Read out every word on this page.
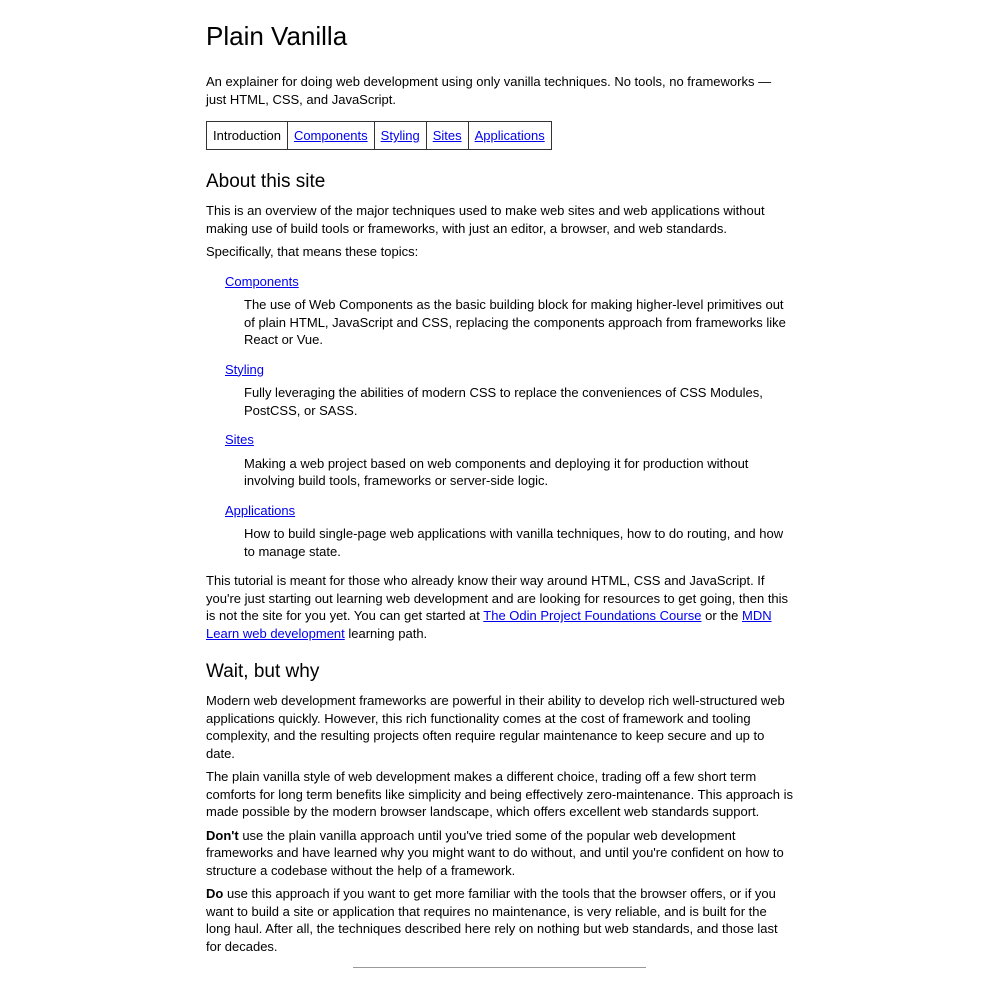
Plain Vanilla

An explainer for doing web development using only vanilla techniques. No tools, no frameworks — just HTML, CSS, and JavaScript.

Introduction	Components	Styling	Sites	Applications
About this site

This is an overview of the major techniques used to make web sites and web applications without making use of build tools or frameworks, with just an editor, a browser, and web standards.

Specifically, that means these topics:

Components
The use of Web Components as the basic building block for making higher-level primitives out of plain HTML, JavaScript and CSS, replacing the components approach from frameworks like React or Vue.
Styling
Fully leveraging the abilities of modern CSS to replace the conveniences of CSS Modules, PostCSS, or SASS.
Sites
Making a web project based on web components and deploying it for production without involving build tools, frameworks or server-side logic.
Applications
How to build single-page web applications with vanilla techniques, how to do routing, and how to manage state.

This tutorial is meant for those who already know their way around HTML, CSS and JavaScript. If you're just starting out learning web development and are looking for resources to get going, then this is not the site for you yet. You can get started at The Odin Project Foundations Course or the MDN Learn web development learning path.

Wait, but why

Modern web development frameworks are powerful in their ability to develop rich well-structured web applications quickly. However, this rich functionality comes at the cost of framework and tooling complexity, and the resulting projects often require regular maintenance to keep secure and up to date.

The plain vanilla style of web development makes a different choice, trading off a few short term comforts for long term benefits like simplicity and being effectively zero-maintenance. This approach is made possible by the modern browser landscape, which offers excellent web standards support.

Don't use the plain vanilla approach until you've tried some of the popular web development frameworks and have learned why you might want to do without, and until you're confident on how to structure a codebase without the help of a framework.

Do use this approach if you want to get more familiar with the tools that the browser offers, or if you want to build a site or application that requires no maintenance, is very reliable, and is built for the long haul. After all, the techniques described here rely on nothing but web standards, and those last for decades.
